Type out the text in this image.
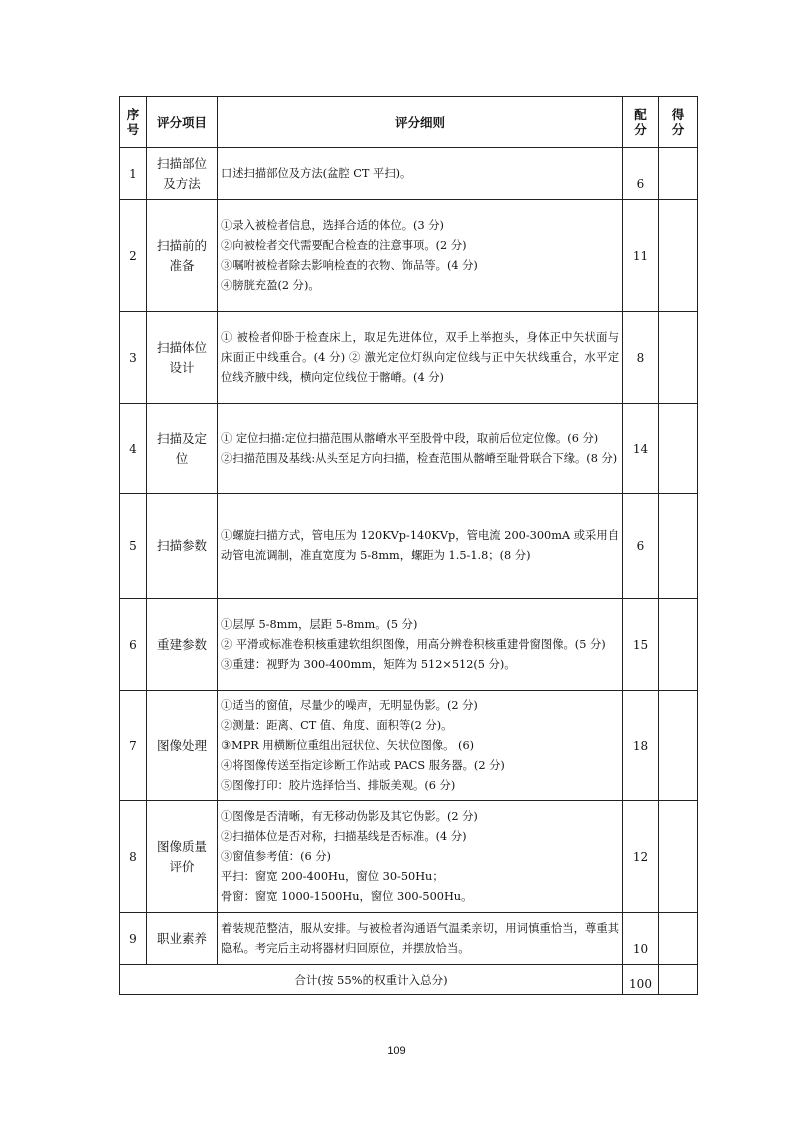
序号	评分项目	评分细则	配分	得分
1	扫描部位及方法	口述扫描部位及方法(盆腔 CT 平扫)。	6	
2	扫描前的准备	①录入被检者信息，选择合适的体位。(3 分)
②向被检者交代需要配合检查的注意事项。(2 分)
③嘱咐被检者除去影响检查的衣物、饰品等。(4 分)
④膀胱充盈(2 分)。	11	
3	扫描体位设计	① 被检者仰卧于检查床上，取足先进体位，双手上举抱头，身体正中矢状面与床面正中线重合。(4 分) ② 激光定位灯纵向定位线与正中矢状线重合，水平定位线齐腋中线，横向定位线位于髂嵴。(4 分)	8	
4	扫描及定位	① 定位扫描:定位扫描范围从髂嵴水平至股骨中段，取前后位定位像。(6 分)
②扫描范围及基线:从头至足方向扫描，检查范围从髂嵴至耻骨联合下缘。(8 分)	14	
5	扫描参数	①螺旋扫描方式，管电压为 120KVp-140KVp，管电流 200-300mA 或采用自动管电流调制，准直宽度为 5-8mm，螺距为 1.5-1.8；(8 分)	6	
6	重建参数	①层厚 5-8mm，层距 5-8mm。(5 分)
② 平滑或标准卷积核重建软组织图像，用高分辨卷积核重建骨窗图像。(5 分)
③重建：视野为 300-400mm，矩阵为 512×512(5 分)。	15	
7	图像处理	①适当的窗值，尽量少的噪声，无明显伪影。(2 分)
②测量：距离、CT 值、角度、面积等(2 分)。
③MPR 用横断位重组出冠状位、矢状位图像。 (6)
④将图像传送至指定诊断工作站或 PACS 服务器。(2 分)
⑤图像打印：胶片选择恰当、排版美观。(6 分)	18	
8	图像质量评价	①图像是否清晰，有无移动伪影及其它伪影。(2 分)
②扫描体位是否对称，扫描基线是否标准。(4 分)
③窗值参考值：(6 分)
平扫：窗宽 200-400Hu，窗位 30-50Hu；
骨窗：窗宽 1000-1500Hu，窗位 300-500Hu。	12	
9	职业素养	着装规范整洁，服从安排。与被检者沟通语气温柔亲切，用词慎重恰当，尊重其隐私。考完后主动将器材归回原位，并摆放恰当。	10	
合计(按 55%的权重计入总分)			100	
109
